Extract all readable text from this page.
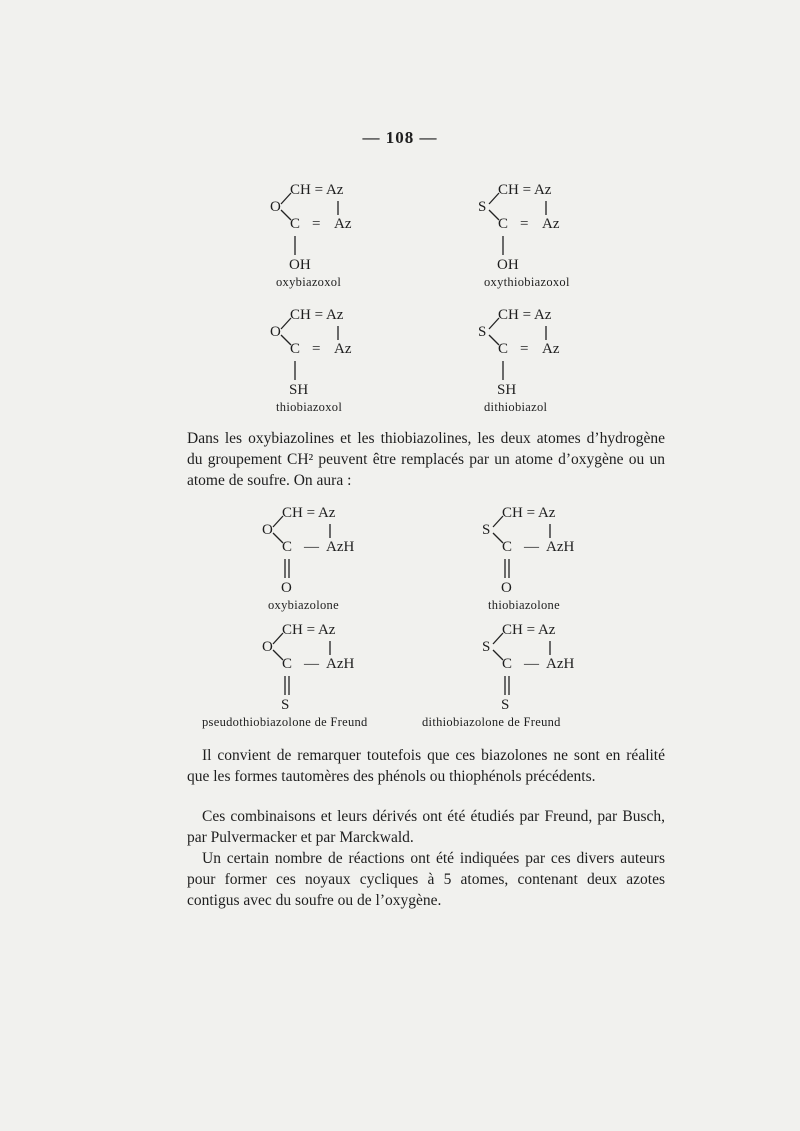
— 108 —
O
CH = Az
C = Az
OH
oxybiazoxol
S
CH = Az
C = Az
OH
oxythiobiazoxol
O
CH = Az
C = Az
SH
thiobiazoxol
S
CH = Az
C = Az
SH
dithiobiazol
O
CH = Az
C — AzH
O
oxybiazolone
S
CH = Az
C — AzH
O
thiobiazolone
O
CH = Az
C — AzH
S
pseudothiobiazolone de Freund
S
CH = Az
C — AzH
S
dithiobiazolone de Freund

Dans les oxybiazolines et les thiobiazolines, les deux atomes d’hydrogène du groupement CH² peuvent être remplacés par un atome d’oxygène ou un atome de soufre. On aura :

Il convient de remarquer toutefois que ces biazolones ne sont en réalité que les formes tautomères des phénols ou thiophénols précédents.

Ces combinaisons et leurs dérivés ont été étudiés par Freund, par Busch, par Pulvermacker et par Marckwald.

Un certain nombre de réactions ont été indiquées par ces divers auteurs pour former ces noyaux cycliques à 5 atomes, contenant deux azotes contigus avec du soufre ou de l’oxygène.
